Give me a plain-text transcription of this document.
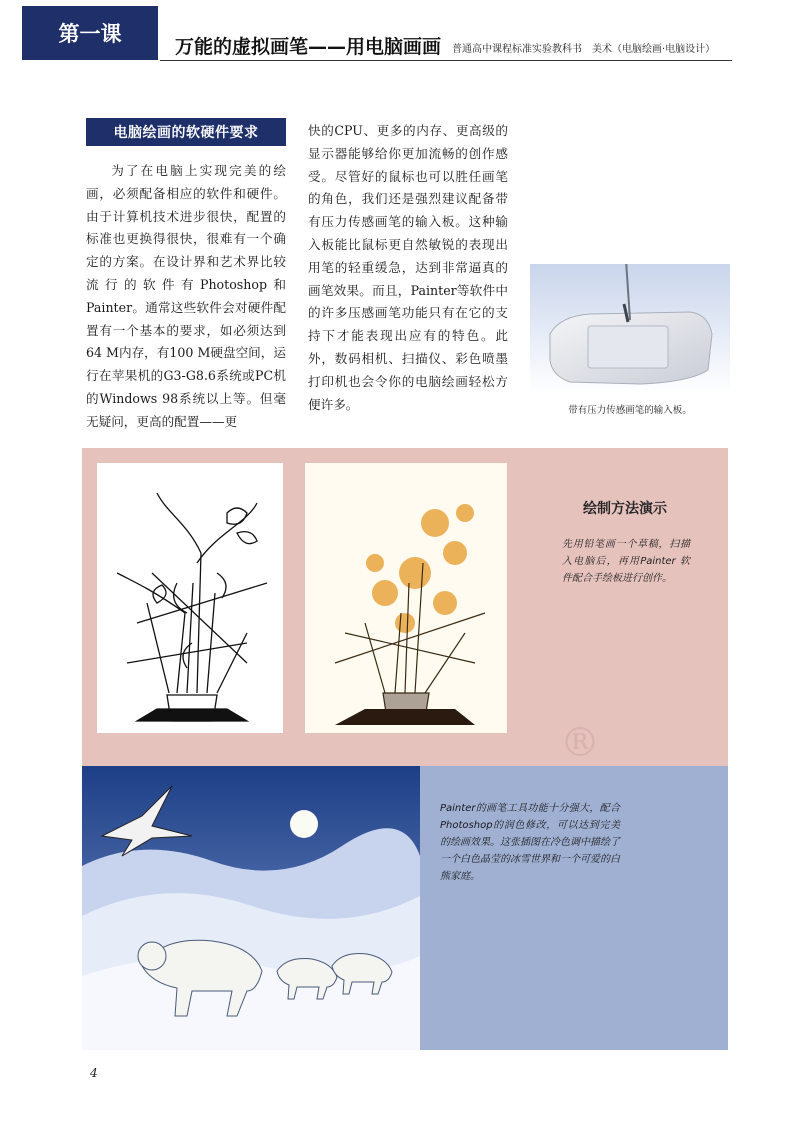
第一课
万能的虚拟画笔——用电脑画画 普通高中课程标准实验教科书　美术（电脑绘画·电脑设计）
电脑绘画的软硬件要求
为了在电脑上实现完美的绘画，必须配备相应的软件和硬件。由于计算机技术进步很快，配置的标准也更换得很快，很难有一个确定的方案。在设计界和艺术界比较流行的软件有Photoshop和Painter。通常这些软件会对硬件配置有一个基本的要求，如必须达到64 M内存，有100 M硬盘空间，运行在苹果机的G3-G8.6系统或PC机的Windows 98系统以上等。但毫无疑问，更高的配置——更
快的CPU、更多的内存、更高级的显示器能够给你更加流畅的创作感受。尽管好的鼠标也可以胜任画笔的角色，我们还是强烈建议配备带有压力传感画笔的输入板。这种输入板能比鼠标更自然敏锐的表现出用笔的轻重缓急，达到非常逼真的画笔效果。而且，Painter等软件中的许多压感画笔功能只有在它的支持下才能表现出应有的特色。此外，数码相机、扫描仪、彩色喷墨打印机也会令你的电脑绘画轻松方便许多。	带有压力传感画笔的输入板。
绘制方法演示
先用铅笔画一个草稿，扫描入电脑后，再用Painter 软件配合手绘板进行创作。
®
Painter的画笔工具功能十分强大，配合Photoshop的润色修改，可以达到完美的绘画效果。这张插图在冷色调中描绘了一个白色晶莹的冰雪世界和一个可爱的白熊家庭。
4
